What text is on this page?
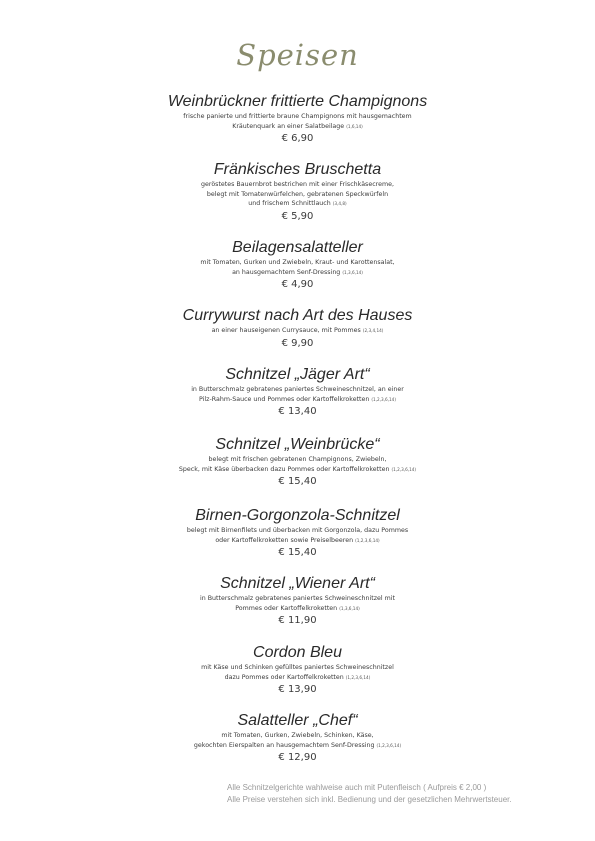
Speisen
Weinbrückner frittierte Champignons
frische panierte und frittierte braune Champignons mit hausgemachtem
Kräutenquark an einer Salatbeilage (1,6,14)
€ 6,90
Fränkisches Bruschetta
geröstetes Bauernbrot bestrichen mit einer Frischkäsecreme,
belegt mit Tomatenwürfelchen, gebratenen Speckwürfeln
und frischem Schnittlauch (3,4,8)
€ 5,90
Beilagensalatteller
mit Tomaten, Gurken und Zwiebeln, Kraut- und Karottensalat,
an hausgemachtem Senf-Dressing (1,3,6,14)
€ 4,90
Currywurst nach Art des Hauses
an einer hauseigenen Currysauce, mit Pommes (2,3,4,14)
€ 9,90
Schnitzel „Jäger Art“
in Butterschmalz gebratenes paniertes Schweineschnitzel, an einer
Pilz-Rahm-Sauce und Pommes oder Kartoffelkroketten (1,2,3,6,14)
€ 13,40
Schnitzel „Weinbrücke“
belegt mit frischen gebratenen Champignons, Zwiebeln,
Speck, mit Käse überbacken dazu Pommes oder Kartoffelkroketten (1,2,3,6,14)
€ 15,40
Birnen-Gorgonzola-Schnitzel
belegt mit Birnenfilets und überbacken mit Gorgonzola, dazu Pommes
oder Kartoffelkroketten sowie Preiselbeeren (1,2,3,6,14)
€ 15,40
Schnitzel „Wiener Art“
in Butterschmalz gebratenes paniertes Schweineschnitzel mit
Pommes oder Kartoffelkroketten (1,3,6,14)
€ 11,90
Cordon Bleu
mit Käse und Schinken gefülltes paniertes Schweineschnitzel
dazu Pommes oder Kartoffelkroketten (1,2,3,6,14)
€ 13,90
Salatteller „Chef“
mit Tomaten, Gurken, Zwiebeln, Schinken, Käse,
gekochten Eierspalten an hausgemachtem Senf-Dressing (1,2,3,6,14)
€ 12,90
Alle Schnitzelgerichte wahlweise auch mit Putenfleisch ( Aufpreis € 2,00 )
Alle Preise verstehen sich inkl. Bedienung und der gesetzlichen Mehrwertsteuer.
